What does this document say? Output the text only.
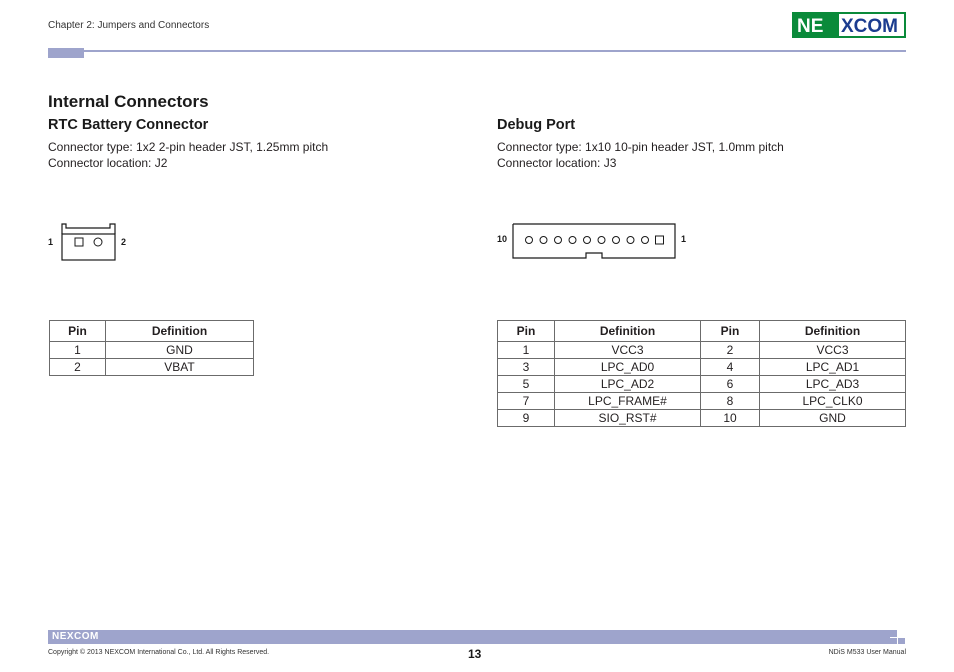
Chapter 2: Jumpers and Connectors	NE XCOM
Internal Connectors
RTC Battery Connector
Connector type: 1x2 2-pin header JST, 1.25mm pitch
Connector location: J2
1	2
Pin	Definition
1	GND
2	VBAT
Debug Port
Connector type: 1x10 10-pin header JST, 1.0mm pitch
Connector location: J3
10	1
Pin	Definition	Pin	Definition
1	VCC3	2	VCC3
3	LPC_AD0	4	LPC_AD1
5	LPC_AD2	6	LPC_AD3
7	LPC_FRAME#	8	LPC_CLK0
9	SIO_RST#	10	GND
NEXCOM
Copyright © 2013 NEXCOM International Co., Ltd. All Rights Reserved.	13	NDiS M533 User Manual
